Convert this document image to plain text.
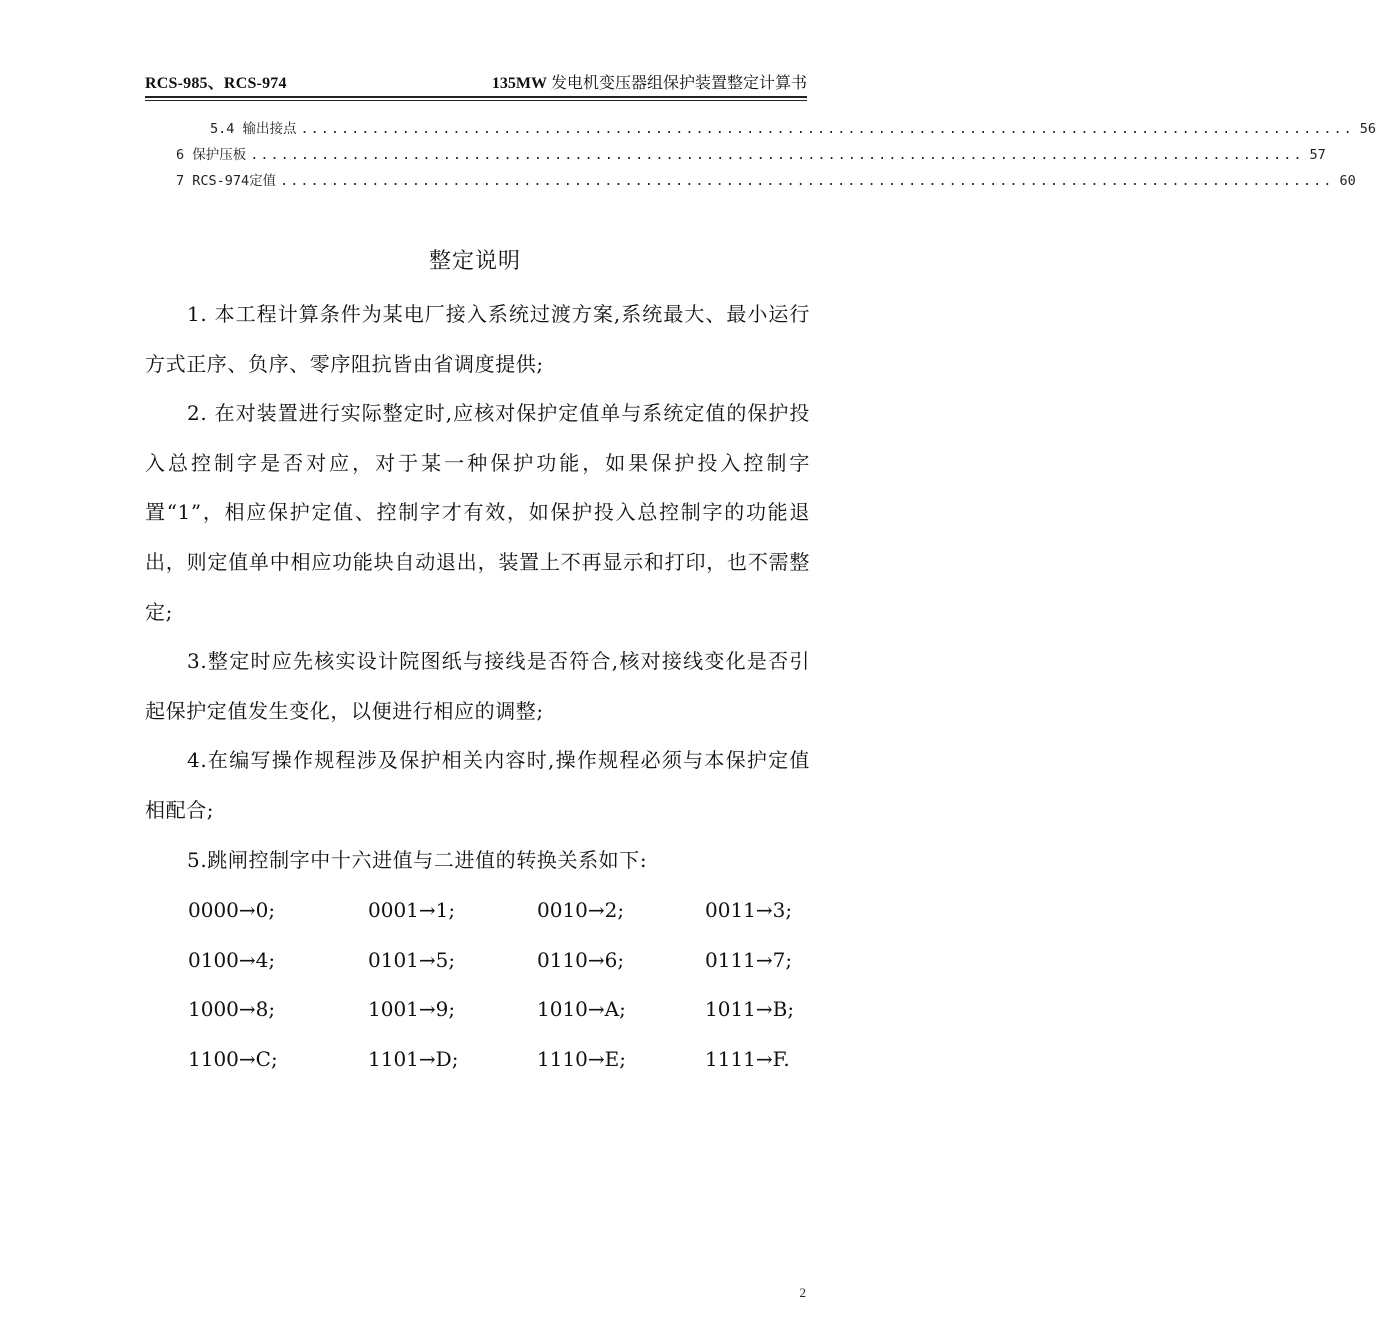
RCS-985、RCS-974	135MW 发电机变压器组保护装置整定计算书
5.4 输出接点 ........................................................................................................ 56
6 保护压板 ........................................................................................................ 57
7 RCS-974定值 ........................................................................................................ 60
整定说明

1. 本工程计算条件为某电厂接入系统过渡方案,系统最大、最小运行方式正序、负序、零序阻抗皆由省调度提供;

2. 在对装置进行实际整定时,应核对保护定值单与系统定值的保护投入总控制字是否对应，对于某一种保护功能，如果保护投入控制字置“1”，相应保护定值、控制字才有效，如保护投入总控制字的功能退出，则定值单中相应功能块自动退出，装置上不再显示和打印，也不需整定;

3.整定时应先核实设计院图纸与接线是否符合,核对接线变化是否引起保护定值发生变化，以便进行相应的调整;

4.在编写操作规程涉及保护相关内容时,操作规程必须与本保护定值相配合;

5.跳闸控制字中十六进值与二进值的转换关系如下:

0000→0;	0001→1;	0010→2;	0011→3;
0100→4;	0101→5;	0110→6;	0111→7;
1000→8;	1001→9;	1010→A;	1011→B;
1100→C;	1101→D;	1110→E;	1111→F.
2
